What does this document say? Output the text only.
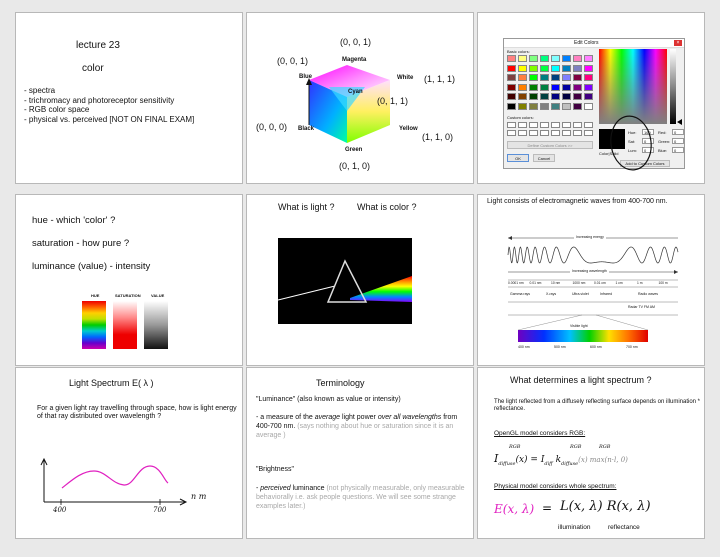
lecture 23
color
- spectra
- trichromacy and photoreceptor sensitivity
- RGB color space
- physical vs. perceived [NOT ON FINAL EXAM]
(0, 0, 1)
(0, 0, 1)	Magenta
Blue	White (1, 1, 1)
Cyan
(0, 1, 1)
(0, 0, 0) Black	Yellow
(1, 1, 0)
Green
(0, 1, 0)
Edit Colors	×
Basic colors:
Custom colors:
Define Custom Colors >>
OK	Cancel
Color|Solid
Hue:	160
Sat:	0
Lum:	0
Red:	0
Green: 0
Blue:	0
Add to Custom Colors
hue - which 'color' ?
saturation - how pure ?
luminance (value) - intensity
HUE	SATURATION	VALUE
What is light ? What is color ?
Light consists of electromagnetic waves from 400-700 nm.
Increasing energy
Increasing wavelength
0.0001 nm 0.01 nm	10 nm	1000 nm	0.01 cm	1 cm	1 m	100 m
Gamma rays	X-rays	Ultra-violet	Infrared	Radio waves
Radar TV FM AM
Visible light
400 nm	500 nm	600 nm	700 nm
Light Spectrum E( λ )
For a given light ray travelling through space, how is light energy of that ray distributed over wavelength ?
400	700
n m
Terminology
"Luminance" (also known as value or intensity)
- a measure of the average light power over all wavelengths from 400-700 nm. (says nothing about hue or saturation since it is an average )
"Brightness"
- perceived luminance (not physically measurable, only measurable behaviorally i.e. ask people questions. We will see some strange examples later.)
What determines a light spectrum ?
The light reflected from a diffusely reflecting surface depends on illumination * reflectance.
OpenGL model considers RGB:
RGB	RGB	RGB
$I_{diffuse}(x) = I_{diff}$ $k_{diffuse}(x)$ max(n·l, 0)
Physical model considers whole spectrum:
E(x, λ) = L(x, λ) R(x, λ)
illumination	reflectance
